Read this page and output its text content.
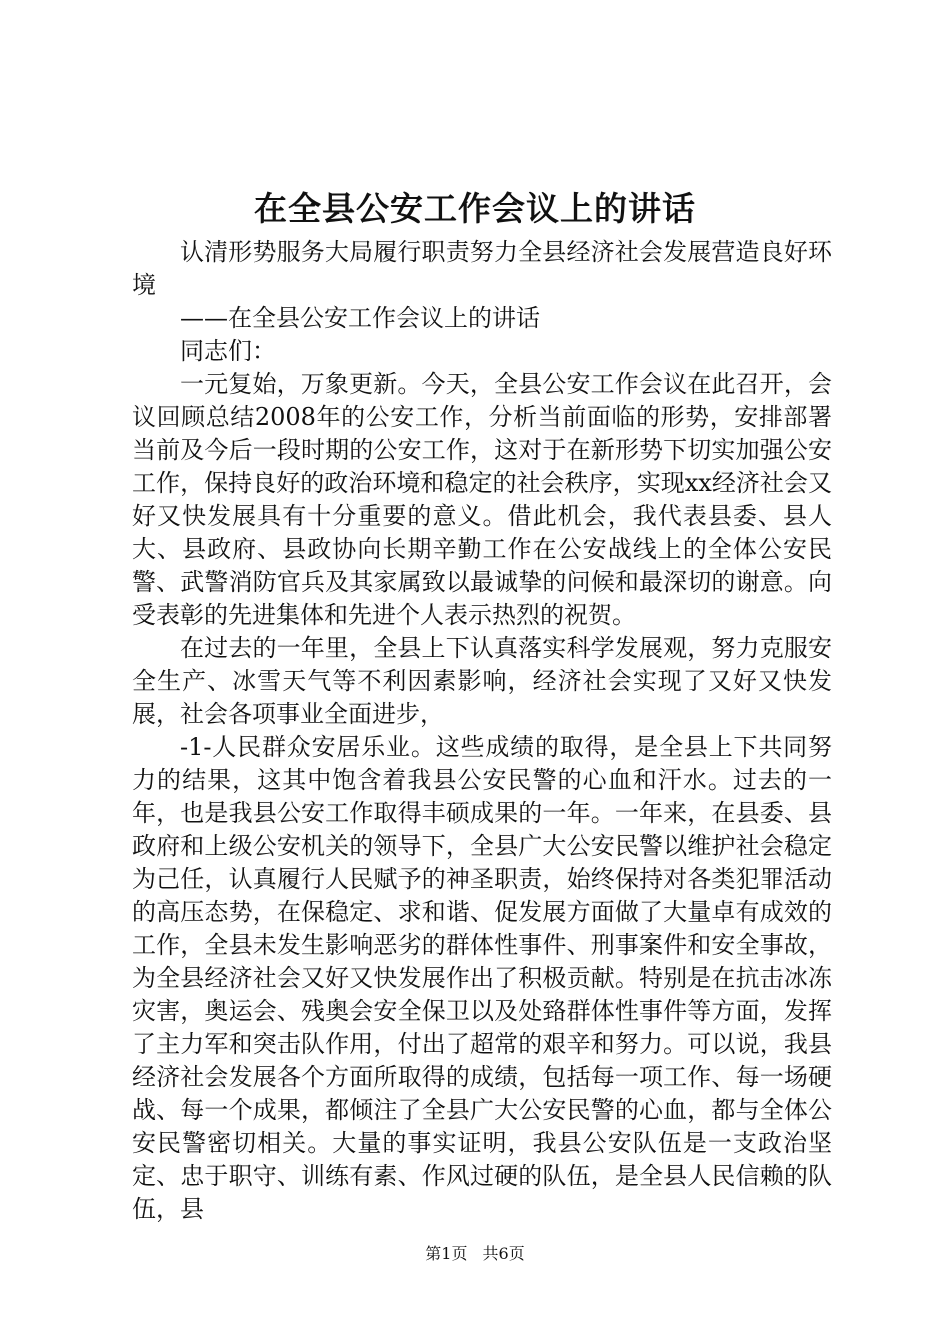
在全县公安工作会议上的讲话

认清形势服务大局履行职责努力全县经济社会发展营造良好环境

——在全县公安工作会议上的讲话

同志们：

一元复始，万象更新。今天，全县公安工作会议在此召开，会议回顾总结2008年的公安工作，分析当前面临的形势，安排部署当前及今后一段时期的公安工作，这对于在新形势下切实加强公安工作，保持良好的政治环境和稳定的社会秩序，实现xx经济社会又好又快发展具有十分重要的意义。借此机会，我代表县委、县人大、县政府、县政协向长期辛勤工作在公安战线上的全体公安民警、武警消防官兵及其家属致以最诚挚的问候和最深切的谢意。向受表彰的先进集体和先进个人表示热烈的祝贺。

在过去的一年里，全县上下认真落实科学发展观，努力克服安全生产、冰雪天气等不利因素影响，经济社会实现了又好又快发展，社会各项事业全面进步，

-1-人民群众安居乐业。这些成绩的取得，是全县上下共同努力的结果，这其中饱含着我县公安民警的心血和汗水。过去的一年，也是我县公安工作取得丰硕成果的一年。一年来，在县委、县政府和上级公安机关的领导下，全县广大公安民警以维护社会稳定为己任，认真履行人民赋予的神圣职责，始终保持对各类犯罪活动的高压态势，在保稳定、求和谐、促发展方面做了大量卓有成效的工作，全县未发生影响恶劣的群体性事件、刑事案件和安全事故，为全县经济社会又好又快发展作出了积极贡献。特别是在抗击冰冻灾害，奥运会、残奥会安全保卫以及处臵群体性事件等方面，发挥了主力军和突击队作用，付出了超常的艰辛和努力。可以说，我县经济社会发展各个方面所取得的成绩，包括每一项工作、每一场硬战、每一个成果，都倾注了全县广大公安民警的心血，都与全体公安民警密切相关。大量的事实证明，我县公安队伍是一支政治坚定、忠于职守、训练有素、作风过硬的队伍，是全县人民信赖的队伍，县

第1页 共6页
